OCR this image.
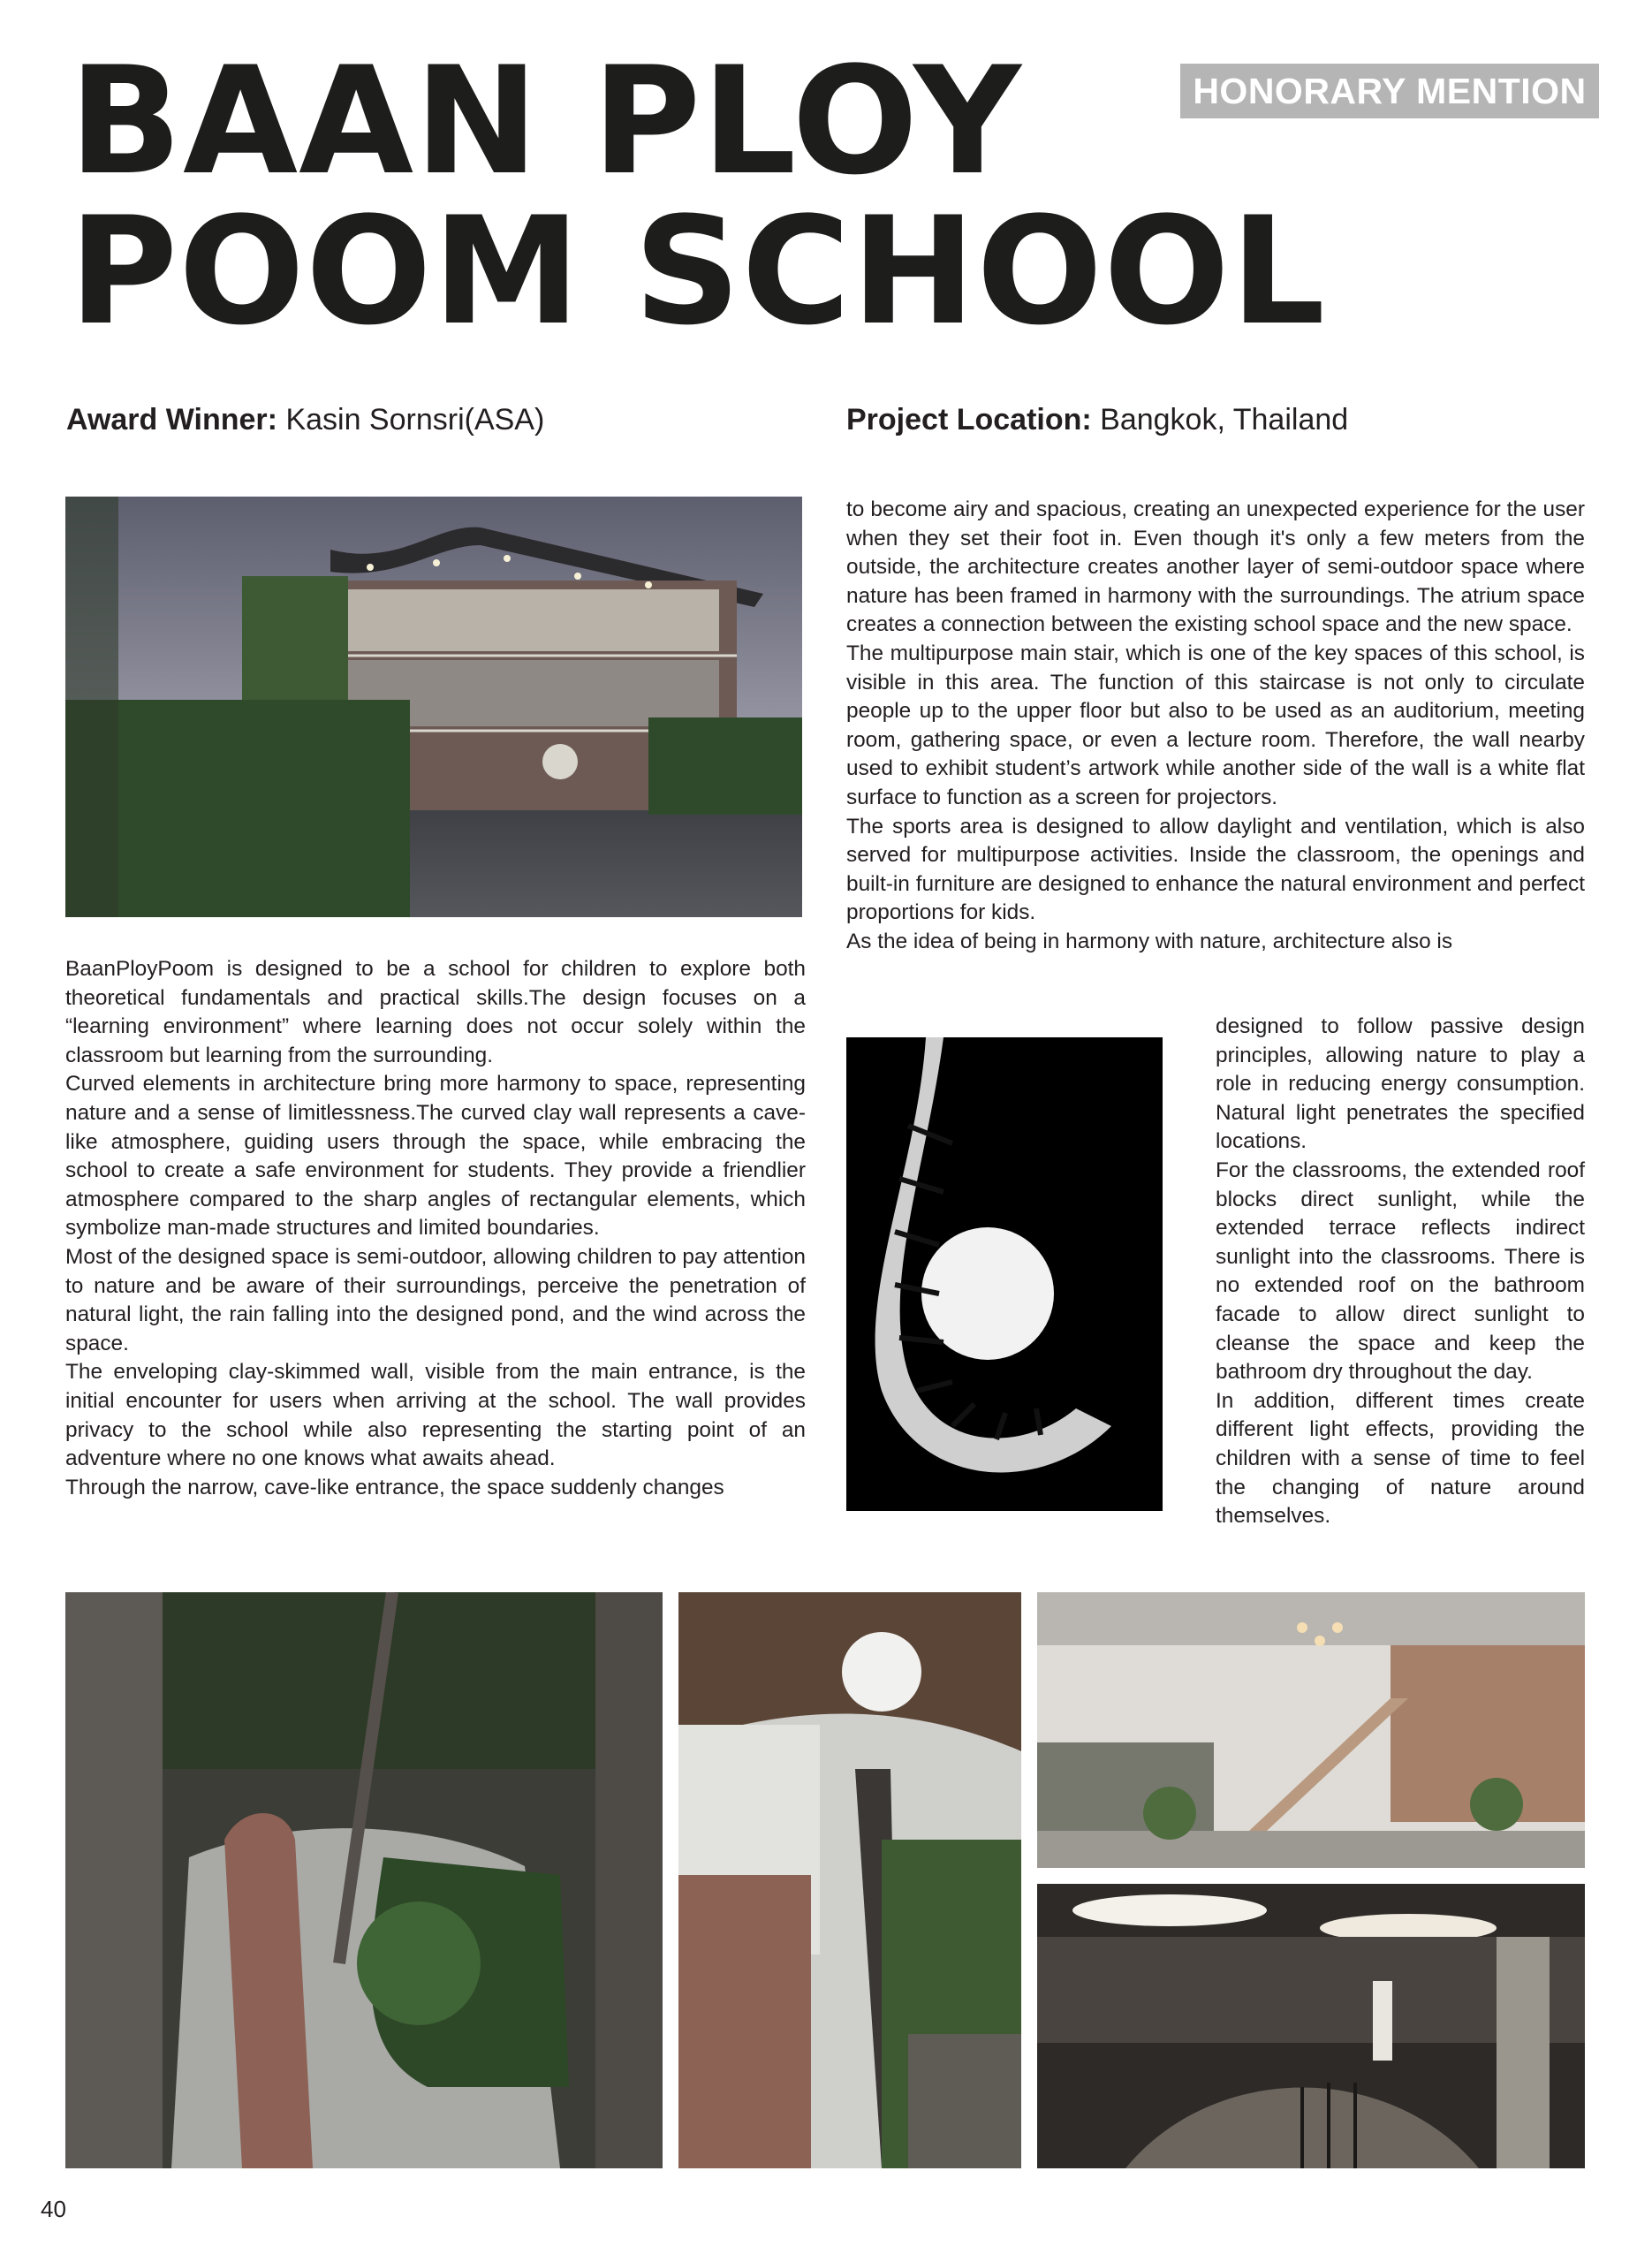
BAAN PLOY
POOM SCHOOL
HONORARY MENTION
Award Winner: Kasin Sornsri(ASA)	Project Location: Bangkok, Thailand

BaanPloyPoom is designed to be a school for children to explore both theoretical fundamentals and practical skills.The design focuses on a “learning environment” where learning does not occur solely within the classroom but learning from the surrounding.

Curved elements in architecture bring more harmony to space, representing nature and a sense of limitlessness.The curved clay wall represents a cave-like atmosphere, guiding users through the space, while embracing the school to create a safe environment for students. They provide a friendlier atmosphere compared to the sharp angles of rectangular elements, which symbolize man-made structures and limited boundaries.

Most of the designed space is semi-outdoor, allowing children to pay attention to nature and be aware of their surroundings, perceive the penetration of natural light, the rain falling into the designed pond, and the wind across the space.

The enveloping clay-skimmed wall, visible from the main entrance, is the initial encounter for users when arriving at the school. The wall provides privacy to the school while also representing the starting point of an adventure where no one knows what awaits ahead.

Through the narrow, cave-like entrance, the space suddenly changes

to become airy and spacious, creating an unexpected experience for the user when they set their foot in. Even though it's only a few meters from the outside, the architecture creates another layer of semi-outdoor space where nature has been framed in harmony with the surroundings. The atrium space creates a connection between the existing school space and the new space.

The multipurpose main stair, which is one of the key spaces of this school, is visible in this area. The function of this staircase is not only to circulate people up to the upper floor but also to be used as an auditorium, meeting room, gathering space, or even a lecture room. Therefore, the wall nearby used to exhibit student’s artwork while another side of the wall is a white flat surface to function as a screen for projectors.

The sports area is designed to allow daylight and ventilation, which is also served for multipurpose activities. Inside the classroom, the openings and built-in furniture are designed to enhance the natural environment and perfect proportions for kids.

As the idea of being in harmony with nature, architecture also is

designed to follow passive design principles, allowing nature to play a role in reducing energy consumption. Natural light penetrates the specified locations.

For the classrooms, the extended roof blocks direct sunlight, while the extended terrace reflects indirect sunlight into the classrooms. There is no extended roof on the bathroom facade to allow direct sunlight to cleanse the space and keep the bathroom dry throughout the day.

In addition, different times create different light effects, providing the children with a sense of time to feel the changing of nature around themselves.

40
